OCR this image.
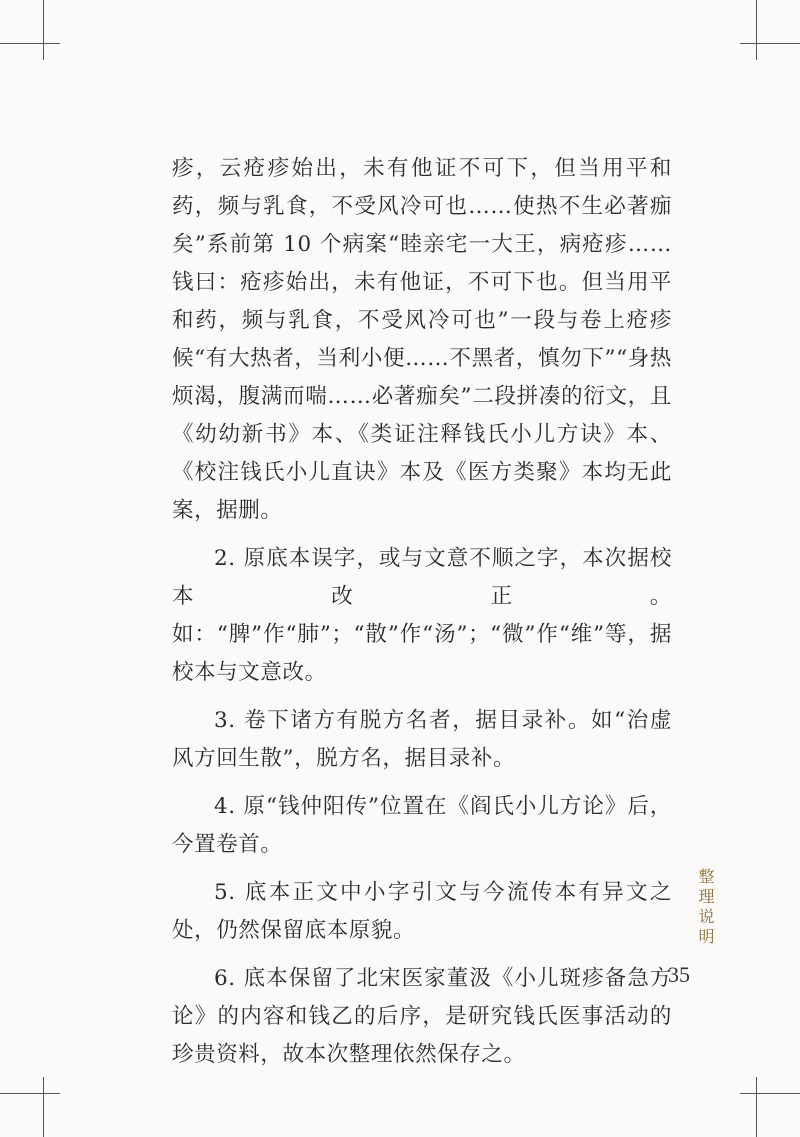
疹，云疮疹始出，未有他证不可下，但当用平和药，频与乳食，不受风冷可也……使热不生必著痂矣”系前第 10 个病案“睦亲宅一大王，病疮疹……钱曰：疮疹始出，未有他证，不可下也。但当用平和药，频与乳食，不受风冷可也”一段与卷上疮疹候“有大热者，当利小便……不黑者，慎勿下”“身热烦渴，腹满而喘……必著痂矣”二段拼凑的衍文，且《幼幼新书》本、《类证注释钱氏小儿方诀》本、《校注钱氏小儿直诀》本及《医方类聚》本均无此案，据删。

2. 原底本误字，或与文意不顺之字，本次据校本改正。如：“脾”作“肺”；“散”作“汤”；“微”作“维”等，据校本与文意改。

3. 卷下诸方有脱方名者，据目录补。如“治虚风方回生散”，脱方名，据目录补。

4. 原“钱仲阳传”位置在《阎氏小儿方论》后，今置卷首。

5. 底本正文中小字引文与今流传本有异文之处，仍然保留底本原貌。

6. 底本保留了北宋医家董汲《小儿斑疹备急方论》的内容和钱乙的后序，是研究钱氏医事活动的珍贵资料，故本次整理依然保存之。

整理说明
35
